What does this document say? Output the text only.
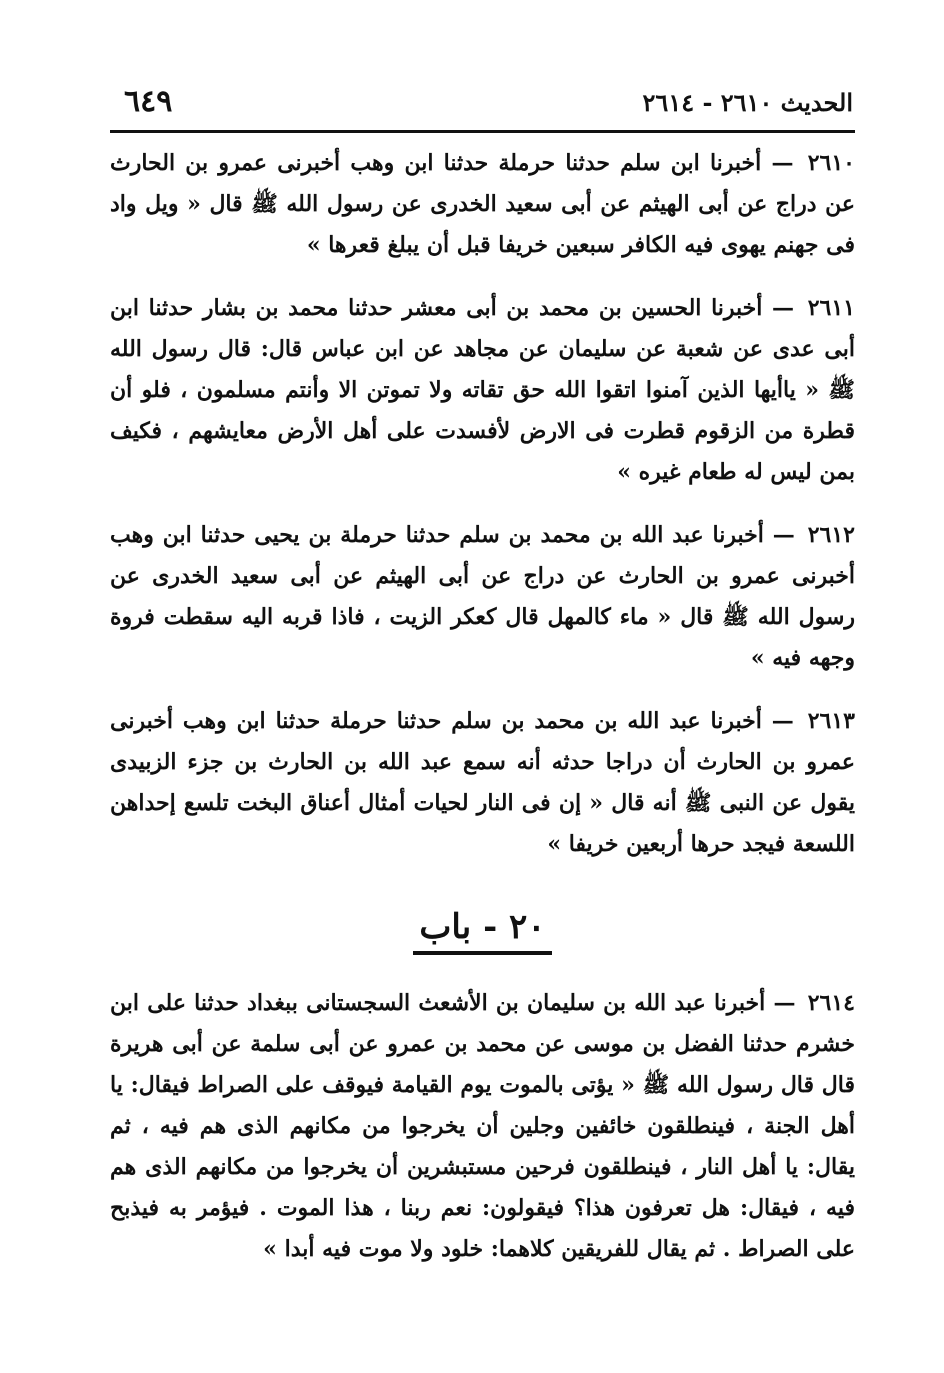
الحديث ٢٦١٠ - ٢٦١٤
٦٤٩

٢٦١٠ — أخبرنا ابن سلم حدثنا حرملة حدثنا ابن وهب أخبرنى عمرو بن الحارث عن دراج عن أبى الهيثم عن أبى سعيد الخدرى عن رسول الله ﷺ قال « ويل واد فى جهنم يهوى فيه الكافر سبعين خريفا قبل أن يبلغ قعرها »

٢٦١١ — أخبرنا الحسين بن محمد بن أبى معشر حدثنا محمد بن بشار حدثنا ابن أبى عدى عن شعبة عن سليمان عن مجاهد عن ابن عباس قال: قال رسول الله ﷺ « ياأيها الذين آمنوا اتقوا الله حق تقاته ولا تموتن الا وأنتم مسلمون ، فلو أن قطرة من الزقوم قطرت فى الارض لأفسدت على أهل الأرض معايشهم ، فكيف بمن ليس له طعام غيره »

٢٦١٢ — أخبرنا عبد الله بن محمد بن سلم حدثنا حرملة بن يحيى حدثنا ابن وهب أخبرنى عمرو بن الحارث عن دراج عن أبى الهيثم عن أبى سعيد الخدرى عن رسول الله ﷺ قال « ماء كالمهل قال كعكر الزيت ، فاذا قربه اليه سقطت فروة وجهه فيه »

٢٦١٣ — أخبرنا عبد الله بن محمد بن سلم حدثنا حرملة حدثنا ابن وهب أخبرنى عمرو بن الحارث أن دراجا حدثه أنه سمع عبد الله بن الحارث بن جزء الزبيدى يقول عن النبى ﷺ أنه قال « إن فى النار لحيات أمثال أعناق البخت تلسع إحداهن اللسعة فيجد حرها أربعين خريفا »

٢٠ - باب

٢٦١٤ — أخبرنا عبد الله بن سليمان بن الأشعث السجستانى ببغداد حدثنا على ابن خشرم حدثنا الفضل بن موسى عن محمد بن عمرو عن أبى سلمة عن أبى هريرة قال قال رسول الله ﷺ « يؤتى بالموت يوم القيامة فيوقف على الصراط فيقال: يا أهل الجنة ، فينطلقون خائفين وجلين أن يخرجوا من مكانهم الذى هم فيه ، ثم يقال: يا أهل النار ، فينطلقون فرحين مستبشرين أن يخرجوا من مكانهم الذى هم فيه ، فيقال: هل تعرفون هذا؟ فيقولون: نعم ربنا ، هذا الموت . فيؤمر به فيذبح على الصراط . ثم يقال للفريقين كلاهما: خلود ولا موت فيه أبدا »
